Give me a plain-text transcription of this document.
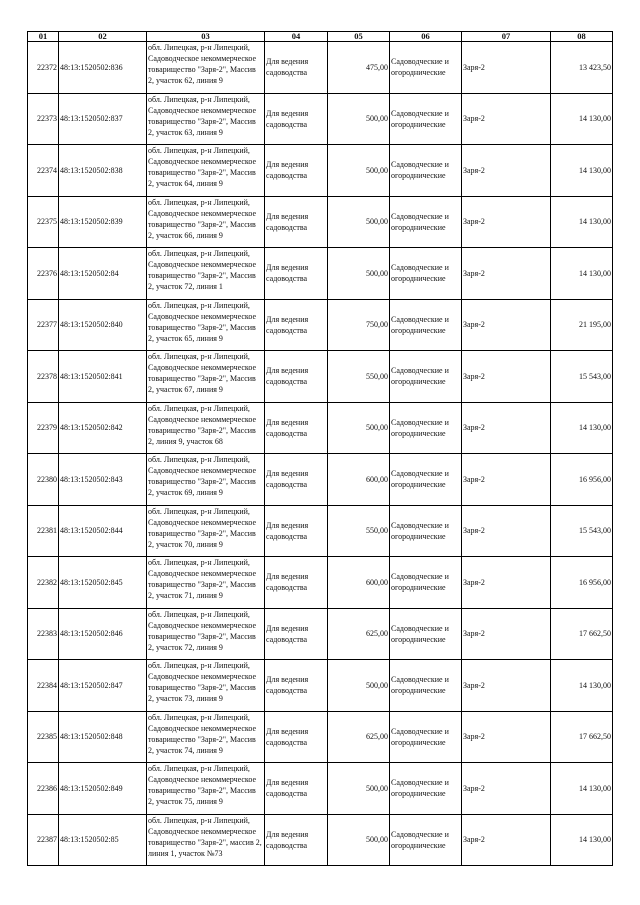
01	02	03	04	05	06	07	08
22372	48:13:1520502:836	обл. Липецкая, р-н Липецкий, Садоводческое некоммерческое товарищество "Заря-2", Массив 2, участок 62, линия 9	Для ведения садоводства	475,00	Садоводческие и огороднические	Заря-2	13 423,50
22373	48:13:1520502:837	обл. Липецкая, р-н Липецкий, Садоводческое некоммерческое товарищество "Заря-2", Массив 2, участок 63, линия 9	Для ведения садоводства	500,00	Садоводческие и огороднические	Заря-2	14 130,00
22374	48:13:1520502:838	обл. Липецкая, р-н Липецкий, Садоводческое некоммерческое товарищество "Заря-2", Массив 2, участок 64, линия 9	Для ведения садоводства	500,00	Садоводческие и огороднические	Заря-2	14 130,00
22375	48:13:1520502:839	обл. Липецкая, р-н Липецкий, Садоводческое некоммерческое товарищество "Заря-2", Массив 2, участок 66, линия 9	Для ведения садоводства	500,00	Садоводческие и огороднические	Заря-2	14 130,00
22376	48:13:1520502:84	обл. Липецкая, р-н Липецкий, Садоводческое некоммерческое товарищество "Заря-2", Массив 2, участок 72, линия 1	Для ведения садоводства	500,00	Садоводческие и огороднические	Заря-2	14 130,00
22377	48:13:1520502:840	обл. Липецкая, р-н Липецкий, Садоводческое некоммерческое товарищество "Заря-2", Массив 2, участок 65, линия 9	Для ведения садоводства	750,00	Садоводческие и огороднические	Заря-2	21 195,00
22378	48:13:1520502:841	обл. Липецкая, р-н Липецкий, Садоводческое некоммерческое товарищество "Заря-2", Массив 2, участок 67, линия 9	Для ведения садоводства	550,00	Садоводческие и огороднические	Заря-2	15 543,00
22379	48:13:1520502:842	обл. Липецкая, р-н Липецкий, Садоводческое некоммерческое товарищество "Заря-2", Массив 2, линия 9, участок 68	Для ведения садоводства	500,00	Садоводческие и огороднические	Заря-2	14 130,00
22380	48:13:1520502:843	обл. Липецкая, р-н Липецкий, Садоводческое некоммерческое товарищество "Заря-2", Массив 2, участок 69, линия 9	Для ведения садоводства	600,00	Садоводческие и огороднические	Заря-2	16 956,00
22381	48:13:1520502:844	обл. Липецкая, р-н Липецкий, Садоводческое некоммерческое товарищество "Заря-2", Массив 2, участок 70, линия 9	Для ведения садоводства	550,00	Садоводческие и огороднические	Заря-2	15 543,00
22382	48:13:1520502:845	обл. Липецкая, р-н Липецкий, Садоводческое некоммерческое товарищество "Заря-2", Массив 2, участок 71, линия 9	Для ведения садоводства	600,00	Садоводческие и огороднические	Заря-2	16 956,00
22383	48:13:1520502:846	обл. Липецкая, р-н Липецкий, Садоводческое некоммерческое товарищество "Заря-2", Массив 2, участок 72, линия 9	Для ведения садоводства	625,00	Садоводческие и огороднические	Заря-2	17 662,50
22384	48:13:1520502:847	обл. Липецкая, р-н Липецкий, Садоводческое некоммерческое товарищество "Заря-2", Массив 2, участок 73, линия 9	Для ведения садоводства	500,00	Садоводческие и огороднические	Заря-2	14 130,00
22385	48:13:1520502:848	обл. Липецкая, р-н Липецкий, Садоводческое некоммерческое товарищество "Заря-2", Массив 2, участок 74, линия 9	Для ведения садоводства	625,00	Садоводческие и огороднические	Заря-2	17 662,50
22386	48:13:1520502:849	обл. Липецкая, р-н Липецкий, Садоводческое некоммерческое товарищество "Заря-2", Массив 2, участок 75, линия 9	Для ведения садоводства	500,00	Садоводческие и огороднические	Заря-2	14 130,00
22387	48:13:1520502:85	обл. Липецкая, р-н Липецкий, Садоводческое некоммерческое товарищество "Заря-2", массив 2, линия 1, участок №73	Для ведения садоводства	500,00	Садоводческие и огороднические	Заря-2	14 130,00
